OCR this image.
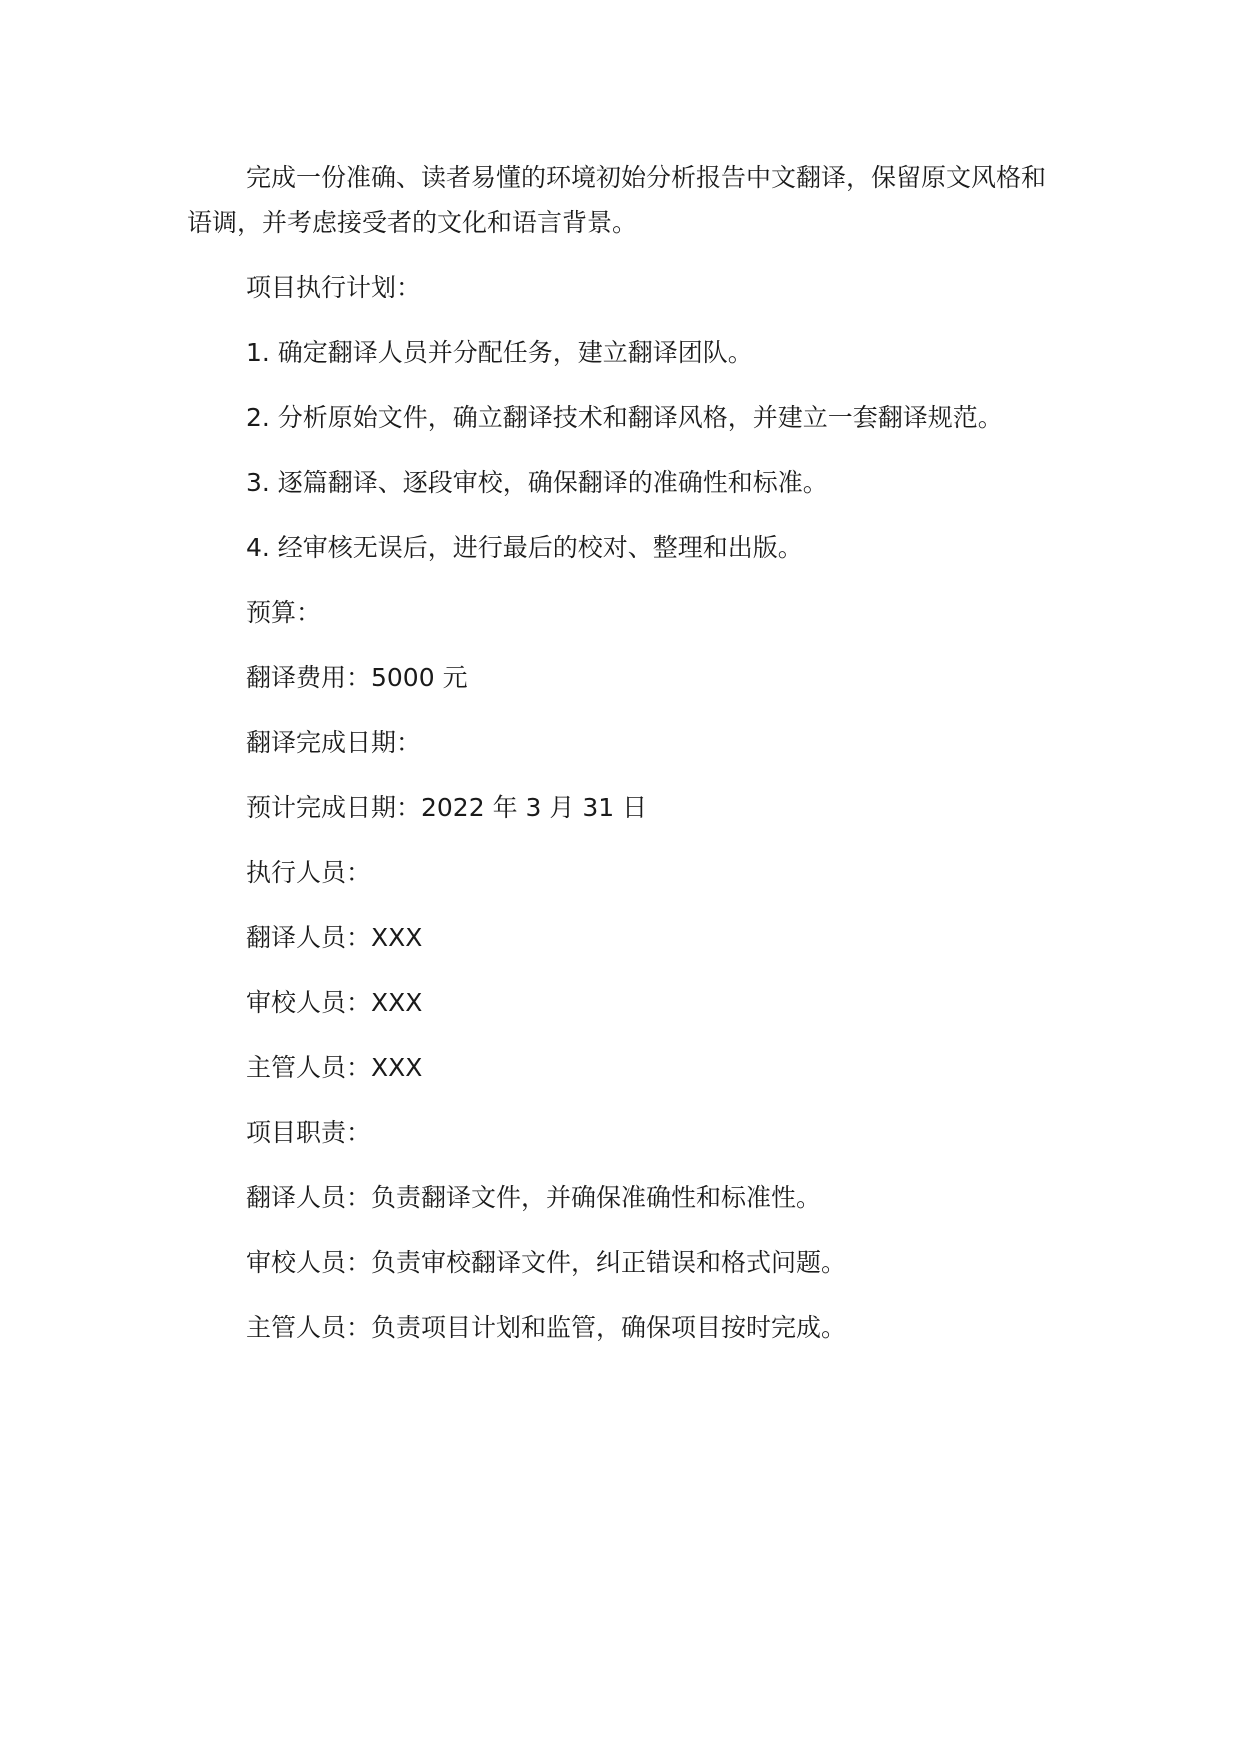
完成一份准确、读者易懂的环境初始分析报告中文翻译，保留原文风格和语调，并考虑接受者的文化和语言背景。

项目执行计划：
1. 确定翻译人员并分配任务，建立翻译团队。
2. 分析原始文件，确立翻译技术和翻译风格，并建立一套翻译规范。
3. 逐篇翻译、逐段审校，确保翻译的准确性和标准。
4. 经审核无误后，进行最后的校对、整理和出版。
预算：
翻译费用：5000 元
翻译完成日期：
预计完成日期：2022 年 3 月 31 日
执行人员：
翻译人员：XXX
审校人员：XXX
主管人员：XXX
项目职责：
翻译人员：负责翻译文件，并确保准确性和标准性。
审校人员：负责审校翻译文件，纠正错误和格式问题。
主管人员：负责项目计划和监管，确保项目按时完成。
